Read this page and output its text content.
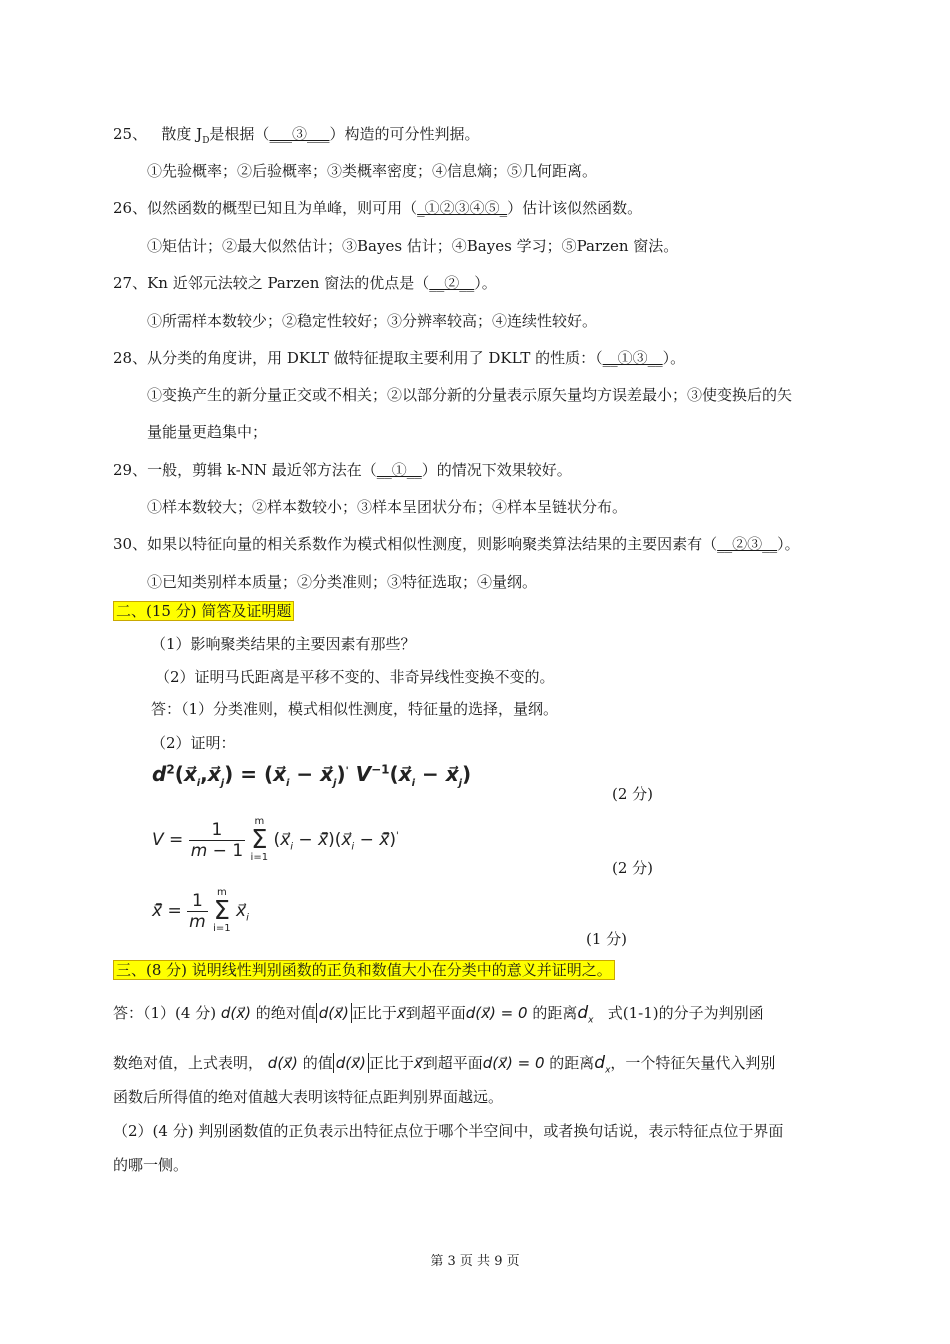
25、 散度 $J_D$是根据（___③___）构造的可分性判据。
①先验概率；②后验概率；③类概率密度；④信息熵；⑤几何距离。
26、似然函数的概型已知且为单峰，则可用（_①②③④⑤_）估计该似然函数。
①矩估计；②最大似然估计；③Bayes 估计；④Bayes 学习；⑤Parzen 窗法。
27、Kn 近邻元法较之 Parzen 窗法的优点是（__②__）。
①所需样本数较少；②稳定性较好；③分辨率较高；④连续性较好。
28、从分类的角度讲，用 DKLT 做特征提取主要利用了 DKLT 的性质：（__①③__）。
①变换产生的新分量正交或不相关；②以部分新的分量表示原矢量均方误差最小；③使变换后的矢
量能量更趋集中；
29、一般，剪辑 k-NN 最近邻方法在（__①__）的情况下效果较好。
①样本数较大；②样本数较小；③样本呈团状分布；④样本呈链状分布。
30、如果以特征向量的相关系数作为模式相似性测度，则影响聚类算法结果的主要因素有（__②③__）。
①已知类别样本质量；②分类准则；③特征选取；④量纲。
二、(15 分) 简答及证明题
（1）影响聚类结果的主要因素有那些？
（2）证明马氏距离是平移不变的、非奇异线性变换不变的。
答：（1）分类准则，模式相似性测度，特征量的选择，量纲。
（2）证明：
$d^2(x⃗_i,x⃗_j)$ = ($x⃗_i$ − $x⃗_j)'$ $V^{-1}(x⃗_i$ − $x⃗_j$)
(2 分)
$V = \frac{1}{m - 1}$
m
Σ
i=1
($x⃗_i$ − $x̄⃗)(x⃗_i$ − x̄⃗)'
(2 分)
x̄⃗ = $\frac{1}{m}$
m
Σ
i=1
$x⃗_i$
(1 分)
三、(8 分) 说明线性判别函数的正负和数值大小在分类中的意义并证明之。
答：（1）(4 分) d(x⃗) 的绝对值 d(x⃗) 正比于x⃗到超平面d(x⃗) = 0 的距离$d_x$ 式(1-1)的分子为判别函
数绝对值，上式表明， d(x⃗) 的值 d(x⃗) 正比于x⃗到超平面d(x⃗) = 0 的距离$d_x$，一个特征矢量代入判别
函数后所得值的绝对值越大表明该特征点距判别界面越远。
（2）(4 分) 判别函数值的正负表示出特征点位于哪个半空间中，或者换句话说，表示特征点位于界面
的哪一侧。
第 3 页 共 9 页
